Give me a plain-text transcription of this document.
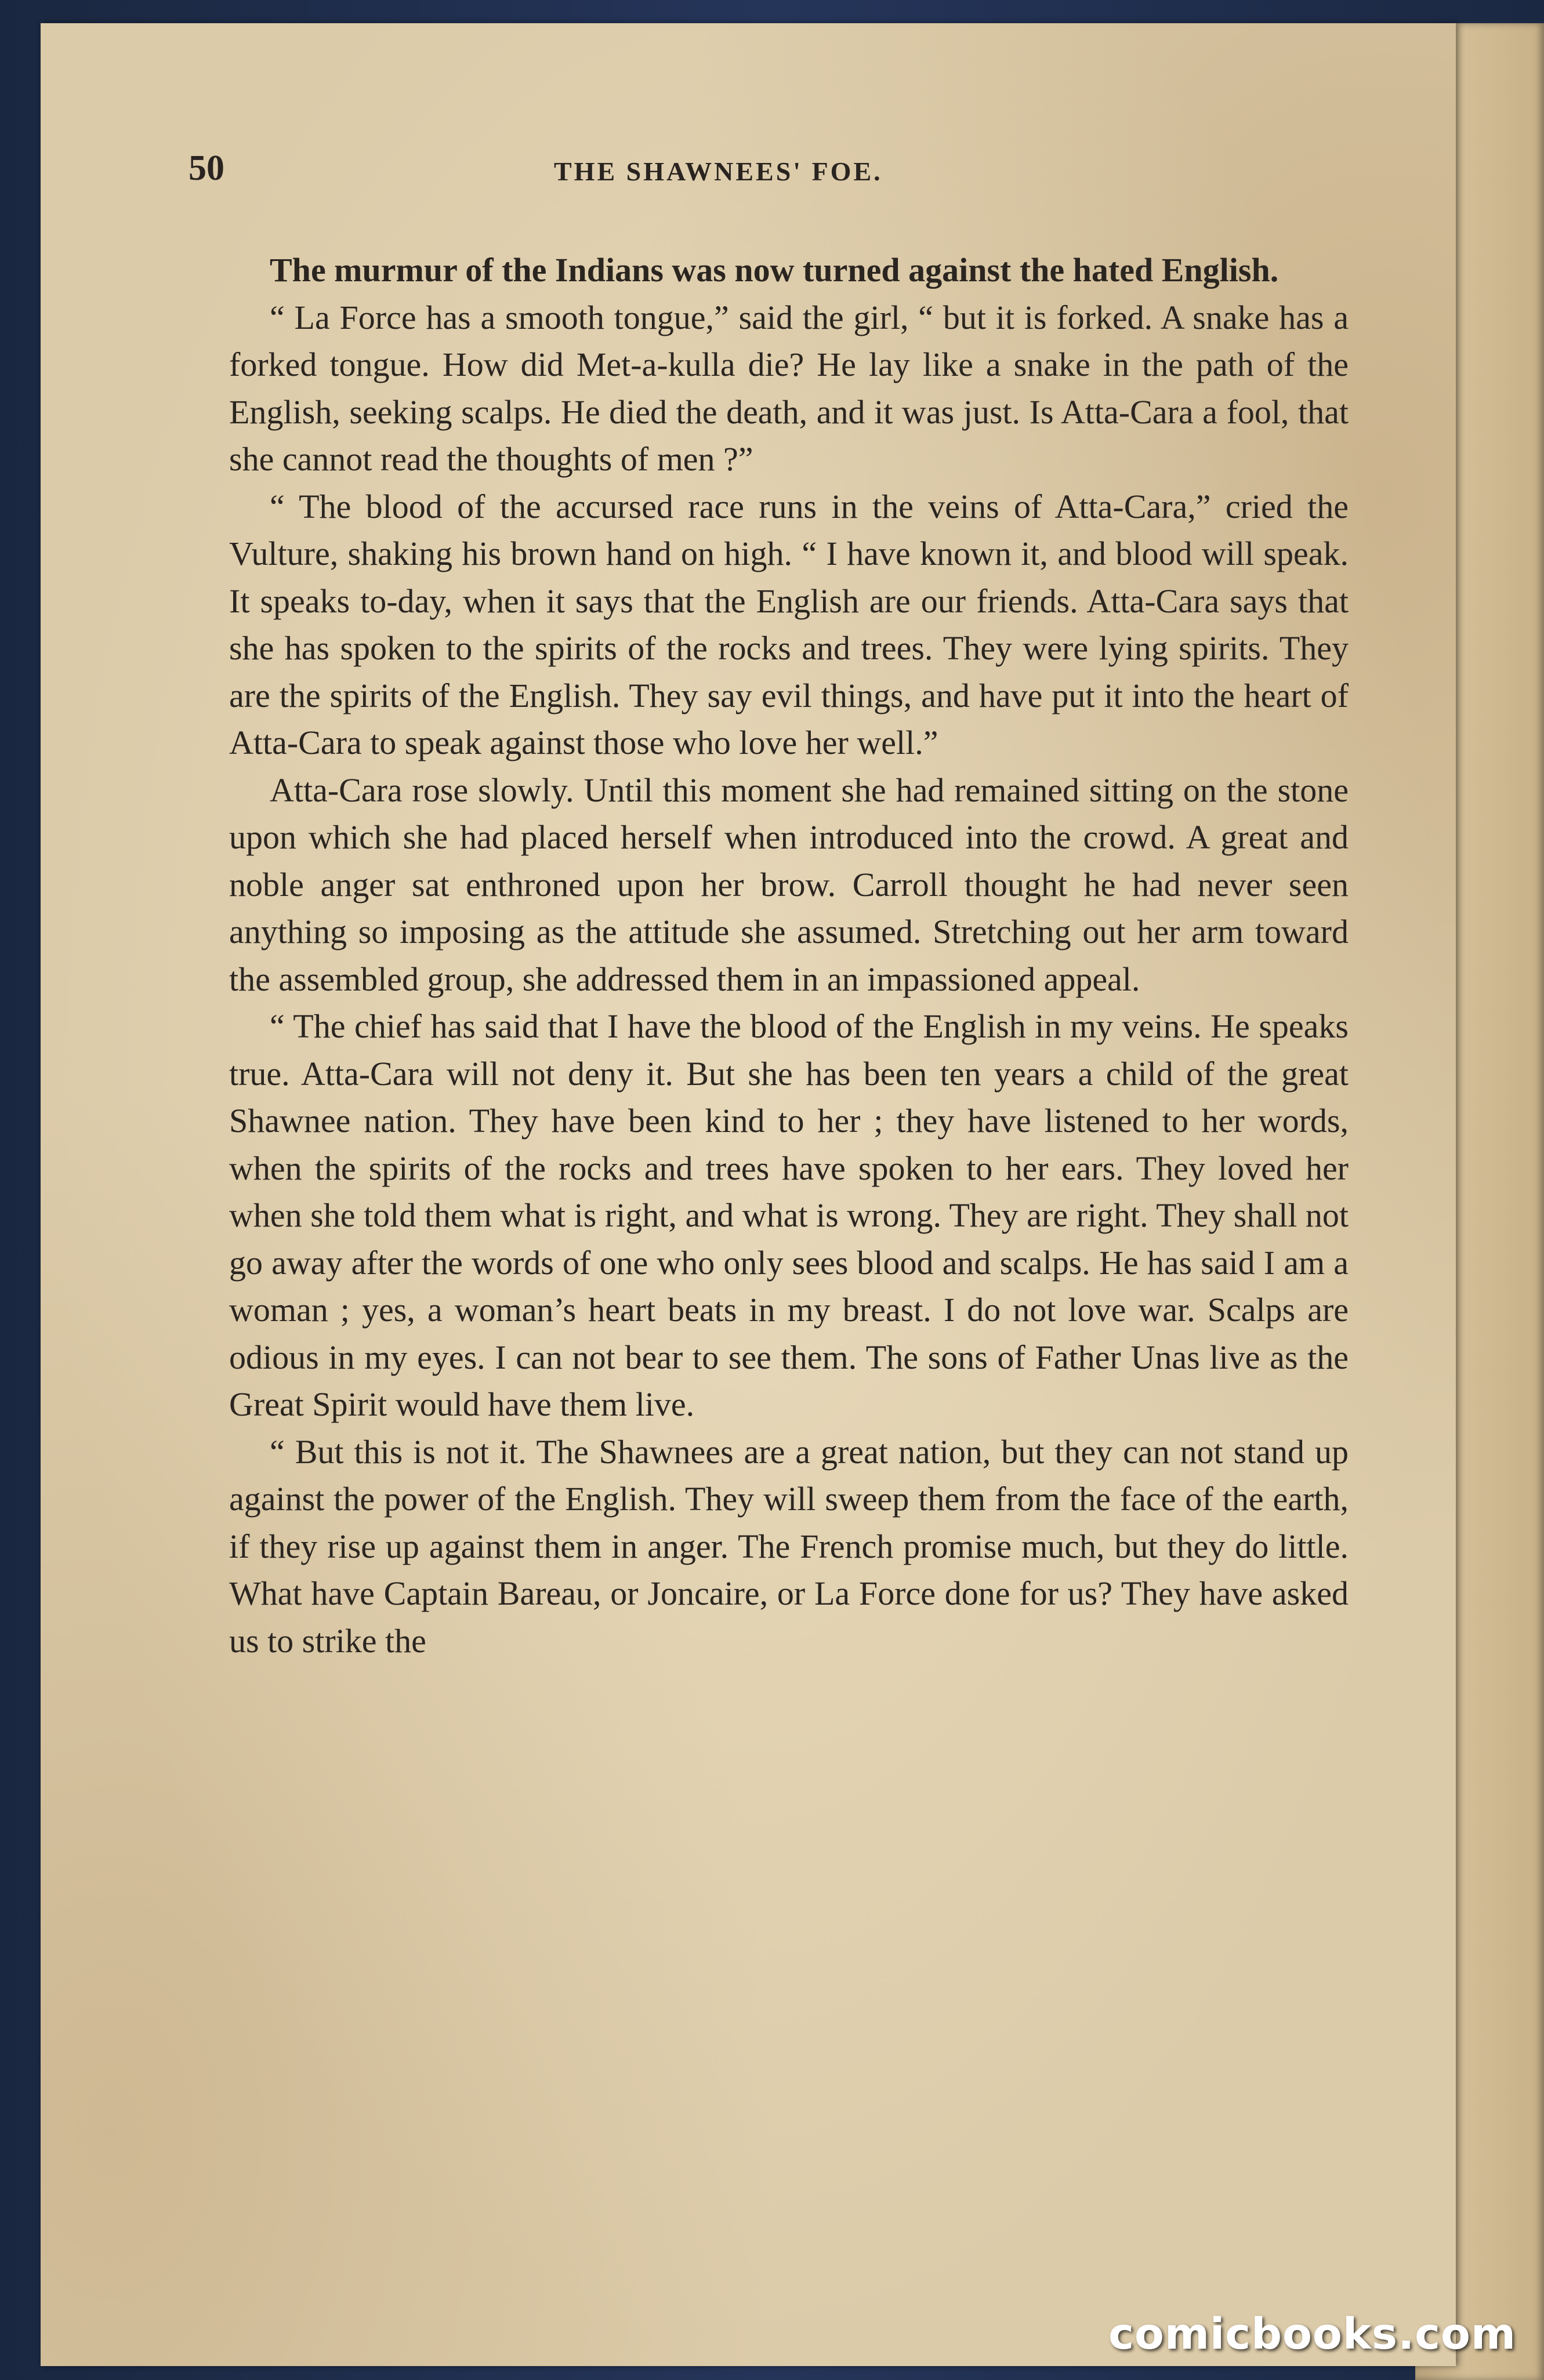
50	THE SHAWNEES' FOE.

The murmur of the Indians was now turned against the hated English.

“ La Force has a smooth tongue,” said the girl, “ but it is forked. A snake has a forked tongue. How did Met-a-kulla die? He lay like a snake in the path of the English, seeking scalps. He died the death, and it was just. Is Atta-Cara a fool, that she cannot read the thoughts of men ?”

“ The blood of the accursed race runs in the veins of Atta-Cara,” cried the Vulture, shaking his brown hand on high. “ I have known it, and blood will speak. It speaks to-day, when it says that the English are our friends. Atta-Cara says that she has spoken to the spirits of the rocks and trees. They were lying spirits. They are the spirits of the English. They say evil things, and have put it into the heart of Atta-Cara to speak against those who love her well.”

Atta-Cara rose slowly. Until this moment she had remained sitting on the stone upon which she had placed herself when introduced into the crowd. A great and noble anger sat enthroned upon her brow. Carroll thought he had never seen anything so imposing as the attitude she assumed. Stretching out her arm toward the assembled group, she addressed them in an impassioned appeal.

“ The chief has said that I have the blood of the English in my veins. He speaks true. Atta-Cara will not deny it. But she has been ten years a child of the great Shawnee nation. They have been kind to her ; they have listened to her words, when the spirits of the rocks and trees have spoken to her ears. They loved her when she told them what is right, and what is wrong. They are right. They shall not go away after the words of one who only sees blood and scalps. He has said I am a woman ; yes, a woman’s heart beats in my breast. I do not love war. Scalps are odious in my eyes. I can not bear to see them. The sons of Father Unas live as the Great Spirit would have them live.

“ But this is not it. The Shawnees are a great nation, but they can not stand up against the power of the English. They will sweep them from the face of the earth, if they rise up against them in anger. The French promise much, but they do little. What have Captain Bareau, or Joncaire, or La Force done for us? They have asked us to strike the

comicbooks.com
